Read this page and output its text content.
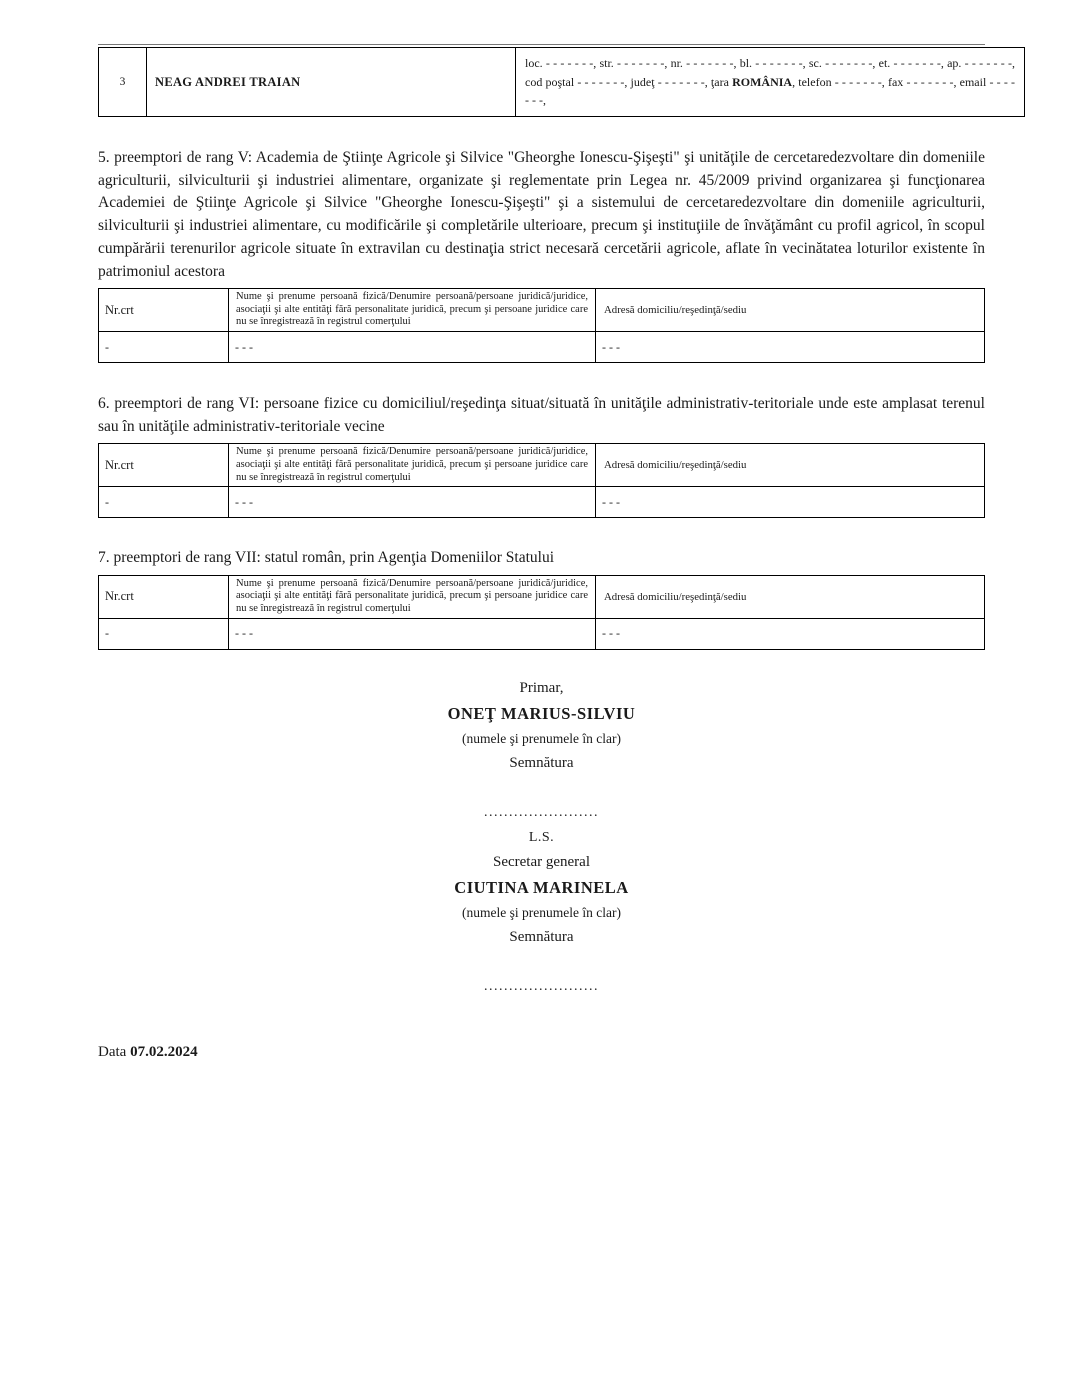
3	NEAG ANDREI TRAIAN	loc. - - - - - - -, str. - - - - - - -, nr. - - - - - - -, bl. - - - - - - -, sc. - - - - - - -, et. - - - - - - -, ap. - - - - - - -, cod poştal - - - - - - -, judeţ - - - - - - -, ţara ROMÂNIA, telefon - - - - - - -, fax - - - - - - -, email - - - - - - -,

5. preemptori de rang V: Academia de Ştiinţe Agricole şi Silvice "Gheorghe Ionescu-Şişeşti" şi unităţile de cercetaredezvoltare din domeniile agriculturii, silviculturii şi industriei alimentare, organizate şi reglementate prin Legea nr. 45/2009 privind organizarea şi funcţionarea Academiei de Ştiinţe Agricole şi Silvice "Gheorghe Ionescu-Şişeşti" şi a sistemului de cercetaredezvoltare din domeniile agriculturii, silviculturii şi industriei alimentare, cu modificările şi completările ulterioare, precum şi instituţiile de învăţământ cu profil agricol, în scopul cumpărării terenurilor agricole situate în extravilan cu destinaţia strict necesară cercetării agricole, aflate în vecinătatea loturilor existente în patrimoniul acestora

Nr.crt	Nume şi prenume persoană fizică/Denumire persoană/persoane juridică/juridice, asociaţii şi alte entităţi fără personalitate juridică, precum şi persoane juridice care nu se înregistrează în registrul comerţului	Adresă domiciliu/reşedinţă/sediu
-	- - -	- - -

6. preemptori de rang VI: persoane fizice cu domiciliul/reşedinţa situat/situată în unităţile administrativ-teritoriale unde este amplasat terenul sau în unităţile administrativ-teritoriale vecine

Nr.crt	Nume şi prenume persoană fizică/Denumire persoană/persoane juridică/juridice, asociaţii şi alte entităţi fără personalitate juridică, precum şi persoane juridice care nu se înregistrează în registrul comerţului	Adresă domiciliu/reşedinţă/sediu
-	- - -	- - -

7. preemptori de rang VII: statul român, prin Agenţia Domeniilor Statului

Nr.crt	Nume şi prenume persoană fizică/Denumire persoană/persoane juridică/juridice, asociaţii şi alte entităţi fără personalitate juridică, precum şi persoane juridice care nu se înregistrează în registrul comerţului	Adresă domiciliu/reşedinţă/sediu
-	- - -	- - -
Primar,
ONEŢ MARIUS-SILVIU
(numele şi prenumele în clar)
Semnătura
.......................
L.S.
Secretar general
CIUTINA MARINELA
(numele şi prenumele în clar)
Semnătura
.......................

Data 07.02.2024
